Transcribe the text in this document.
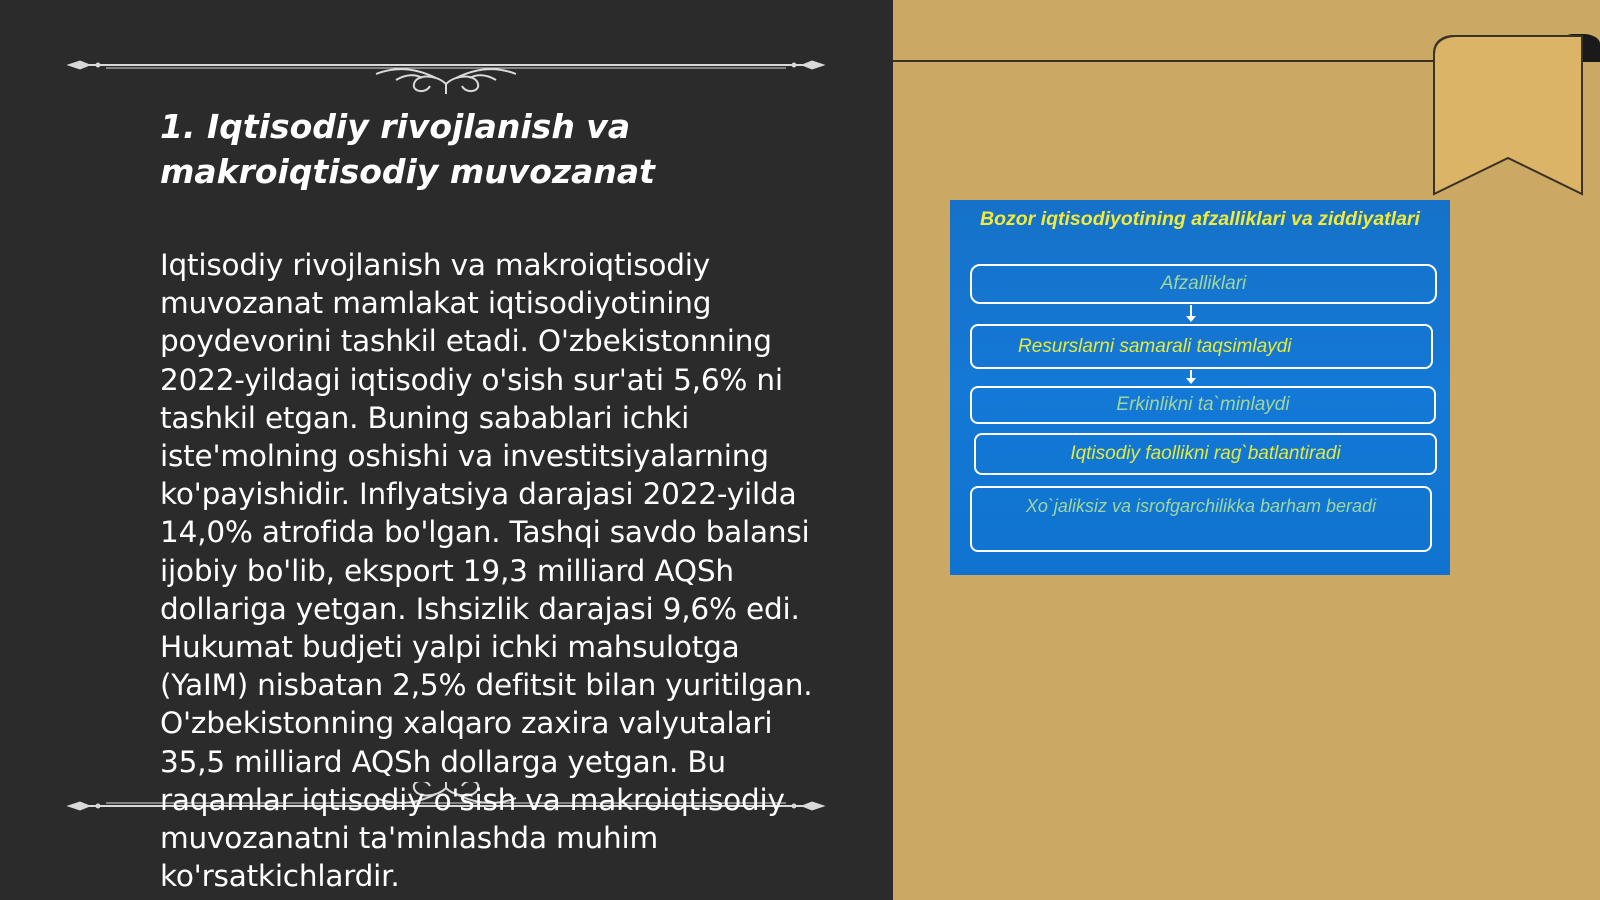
1. Iqtisodiy rivojlanish va makroiqtisodiy muvozanat

Iqtisodiy rivojlanish va makroiqtisodiy muvozanat mamlakat iqtisodiyotining poydevorini tashkil etadi. O'zbekistonning 2022-yildagi iqtisodiy o'sish sur'ati 5,6% ni tashkil etgan. Buning sabablari ichki iste'molning oshishi va investitsiyalarning ko'payishidir. Inflyatsiya darajasi 2022-yilda 14,0% atrofida bo'lgan. Tashqi savdo balansi ijobiy bo'lib, eksport 19,3 milliard AQSh dollariga yetgan. Ishsizlik darajasi 9,6% edi. Hukumat budjeti yalpi ichki mahsulotga (YaIM) nisbatan 2,5% defitsit bilan yuritilgan. O'zbekistonning xalqaro zaxira valyutalari 35,5 milliard AQSh dollarga yetgan. Bu raqamlar iqtisodiy o'sish va makroiqtisodiy muvozanatni ta'minlashda muhim ko'rsatkichlardir.

Bozor iqtisodiyotining afzalliklari va ziddiyatlari
Afzalliklari
Resurslarni samarali taqsimlaydi
Erkinlikni ta`minlaydi
Iqtisodiy faollikni rag`batlantiradi
Xo`jaliksiz va isrofgarchilikka barham beradi
